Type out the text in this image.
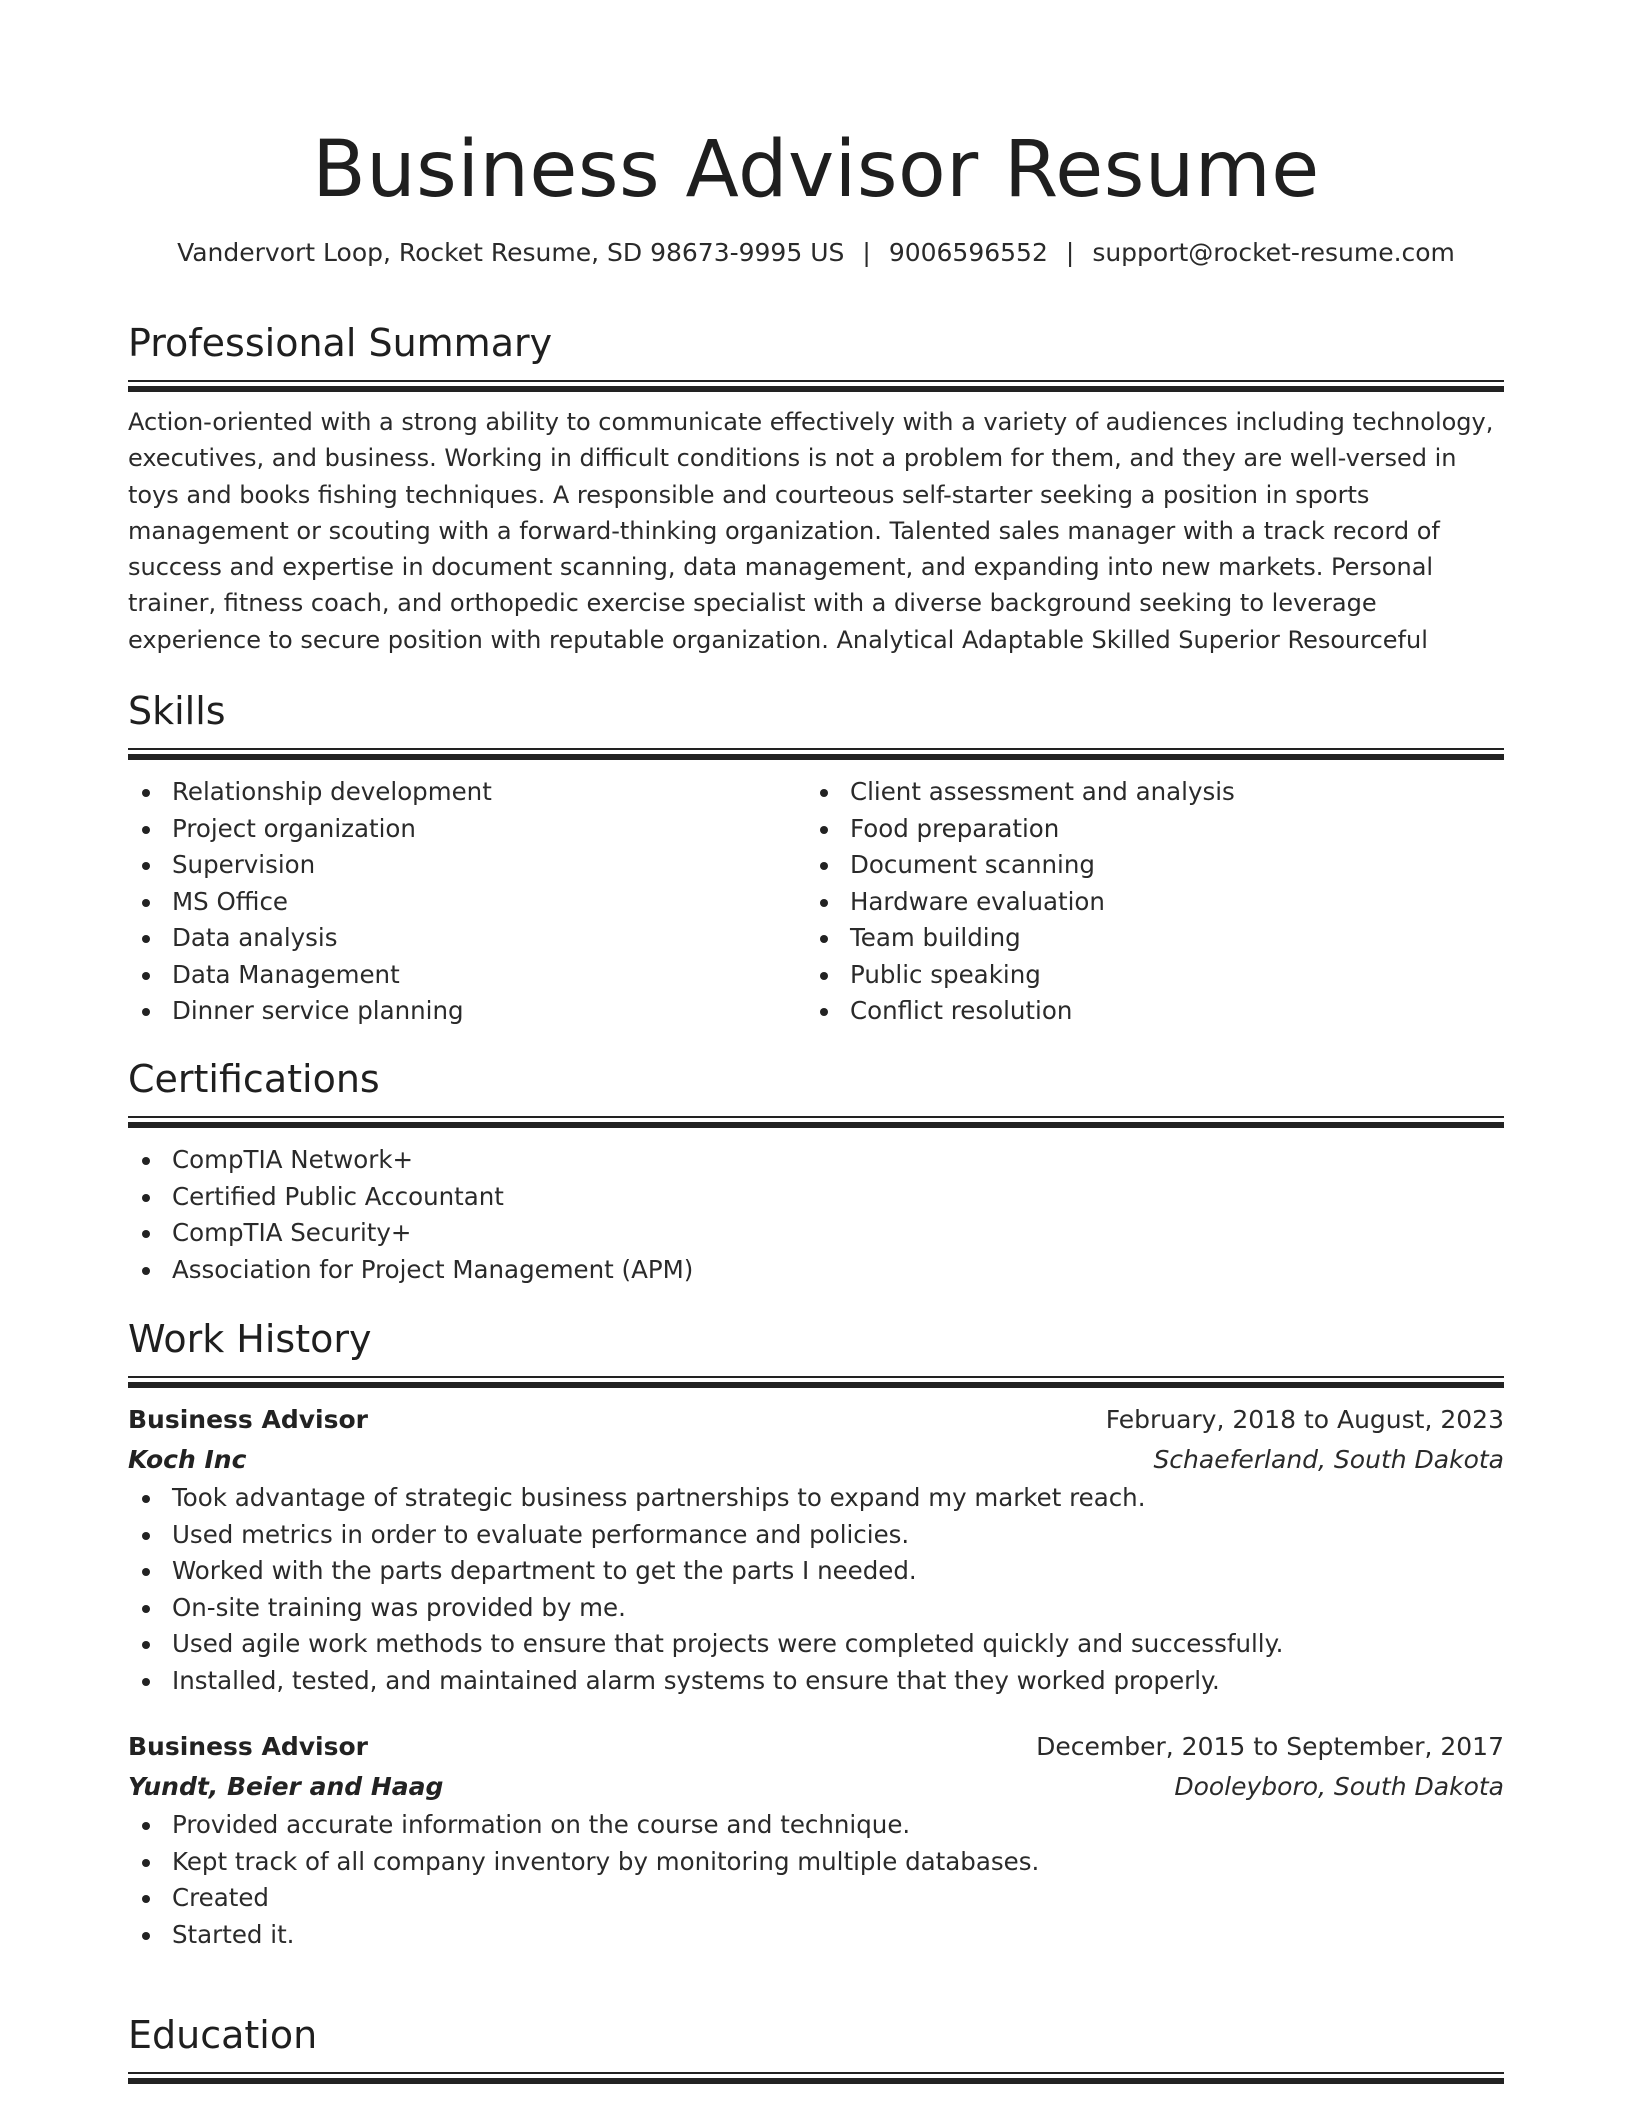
Business Advisor Resume
Vandervort Loop, Rocket Resume, SD 98673-9995 US | 9006596552 | support@rocket-resume.com
Professional Summary
Action-oriented with a strong ability to communicate effectively with a variety of audiences including technology, executives, and business. Working in difficult conditions is not a problem for them, and they are well-versed in toys and books fishing techniques. A responsible and courteous self-starter seeking a position in sports management or scouting with a forward-thinking organization. Talented sales manager with a track record of success and expertise in document scanning, data management, and expanding into new markets. Personal trainer, fitness coach, and orthopedic exercise specialist with a diverse background seeking to leverage experience to secure position with reputable organization. Analytical Adaptable Skilled Superior Resourceful
Skills
Relationship development
Project organization
Supervision
MS Office
Data analysis
Data Management
Dinner service planning
Client assessment and analysis
Food preparation
Document scanning
Hardware evaluation
Team building
Public speaking
Conflict resolution
Certifications
CompTIA Network+
Certified Public Accountant
CompTIA Security+
Association for Project Management (APM)
Work History
Business Advisor	February, 2018 to August, 2023
Koch Inc	Schaeferland, South Dakota
Took advantage of strategic business partnerships to expand my market reach.
Used metrics in order to evaluate performance and policies.
Worked with the parts department to get the parts I needed.
On-site training was provided by me.
Used agile work methods to ensure that projects were completed quickly and successfully.
Installed, tested, and maintained alarm systems to ensure that they worked properly.
Business Advisor	December, 2015 to September, 2017
Yundt, Beier and Haag	Dooleyboro, South Dakota
Provided accurate information on the course and technique.
Kept track of all company inventory by monitoring multiple databases.
Created
Started it.
Education
